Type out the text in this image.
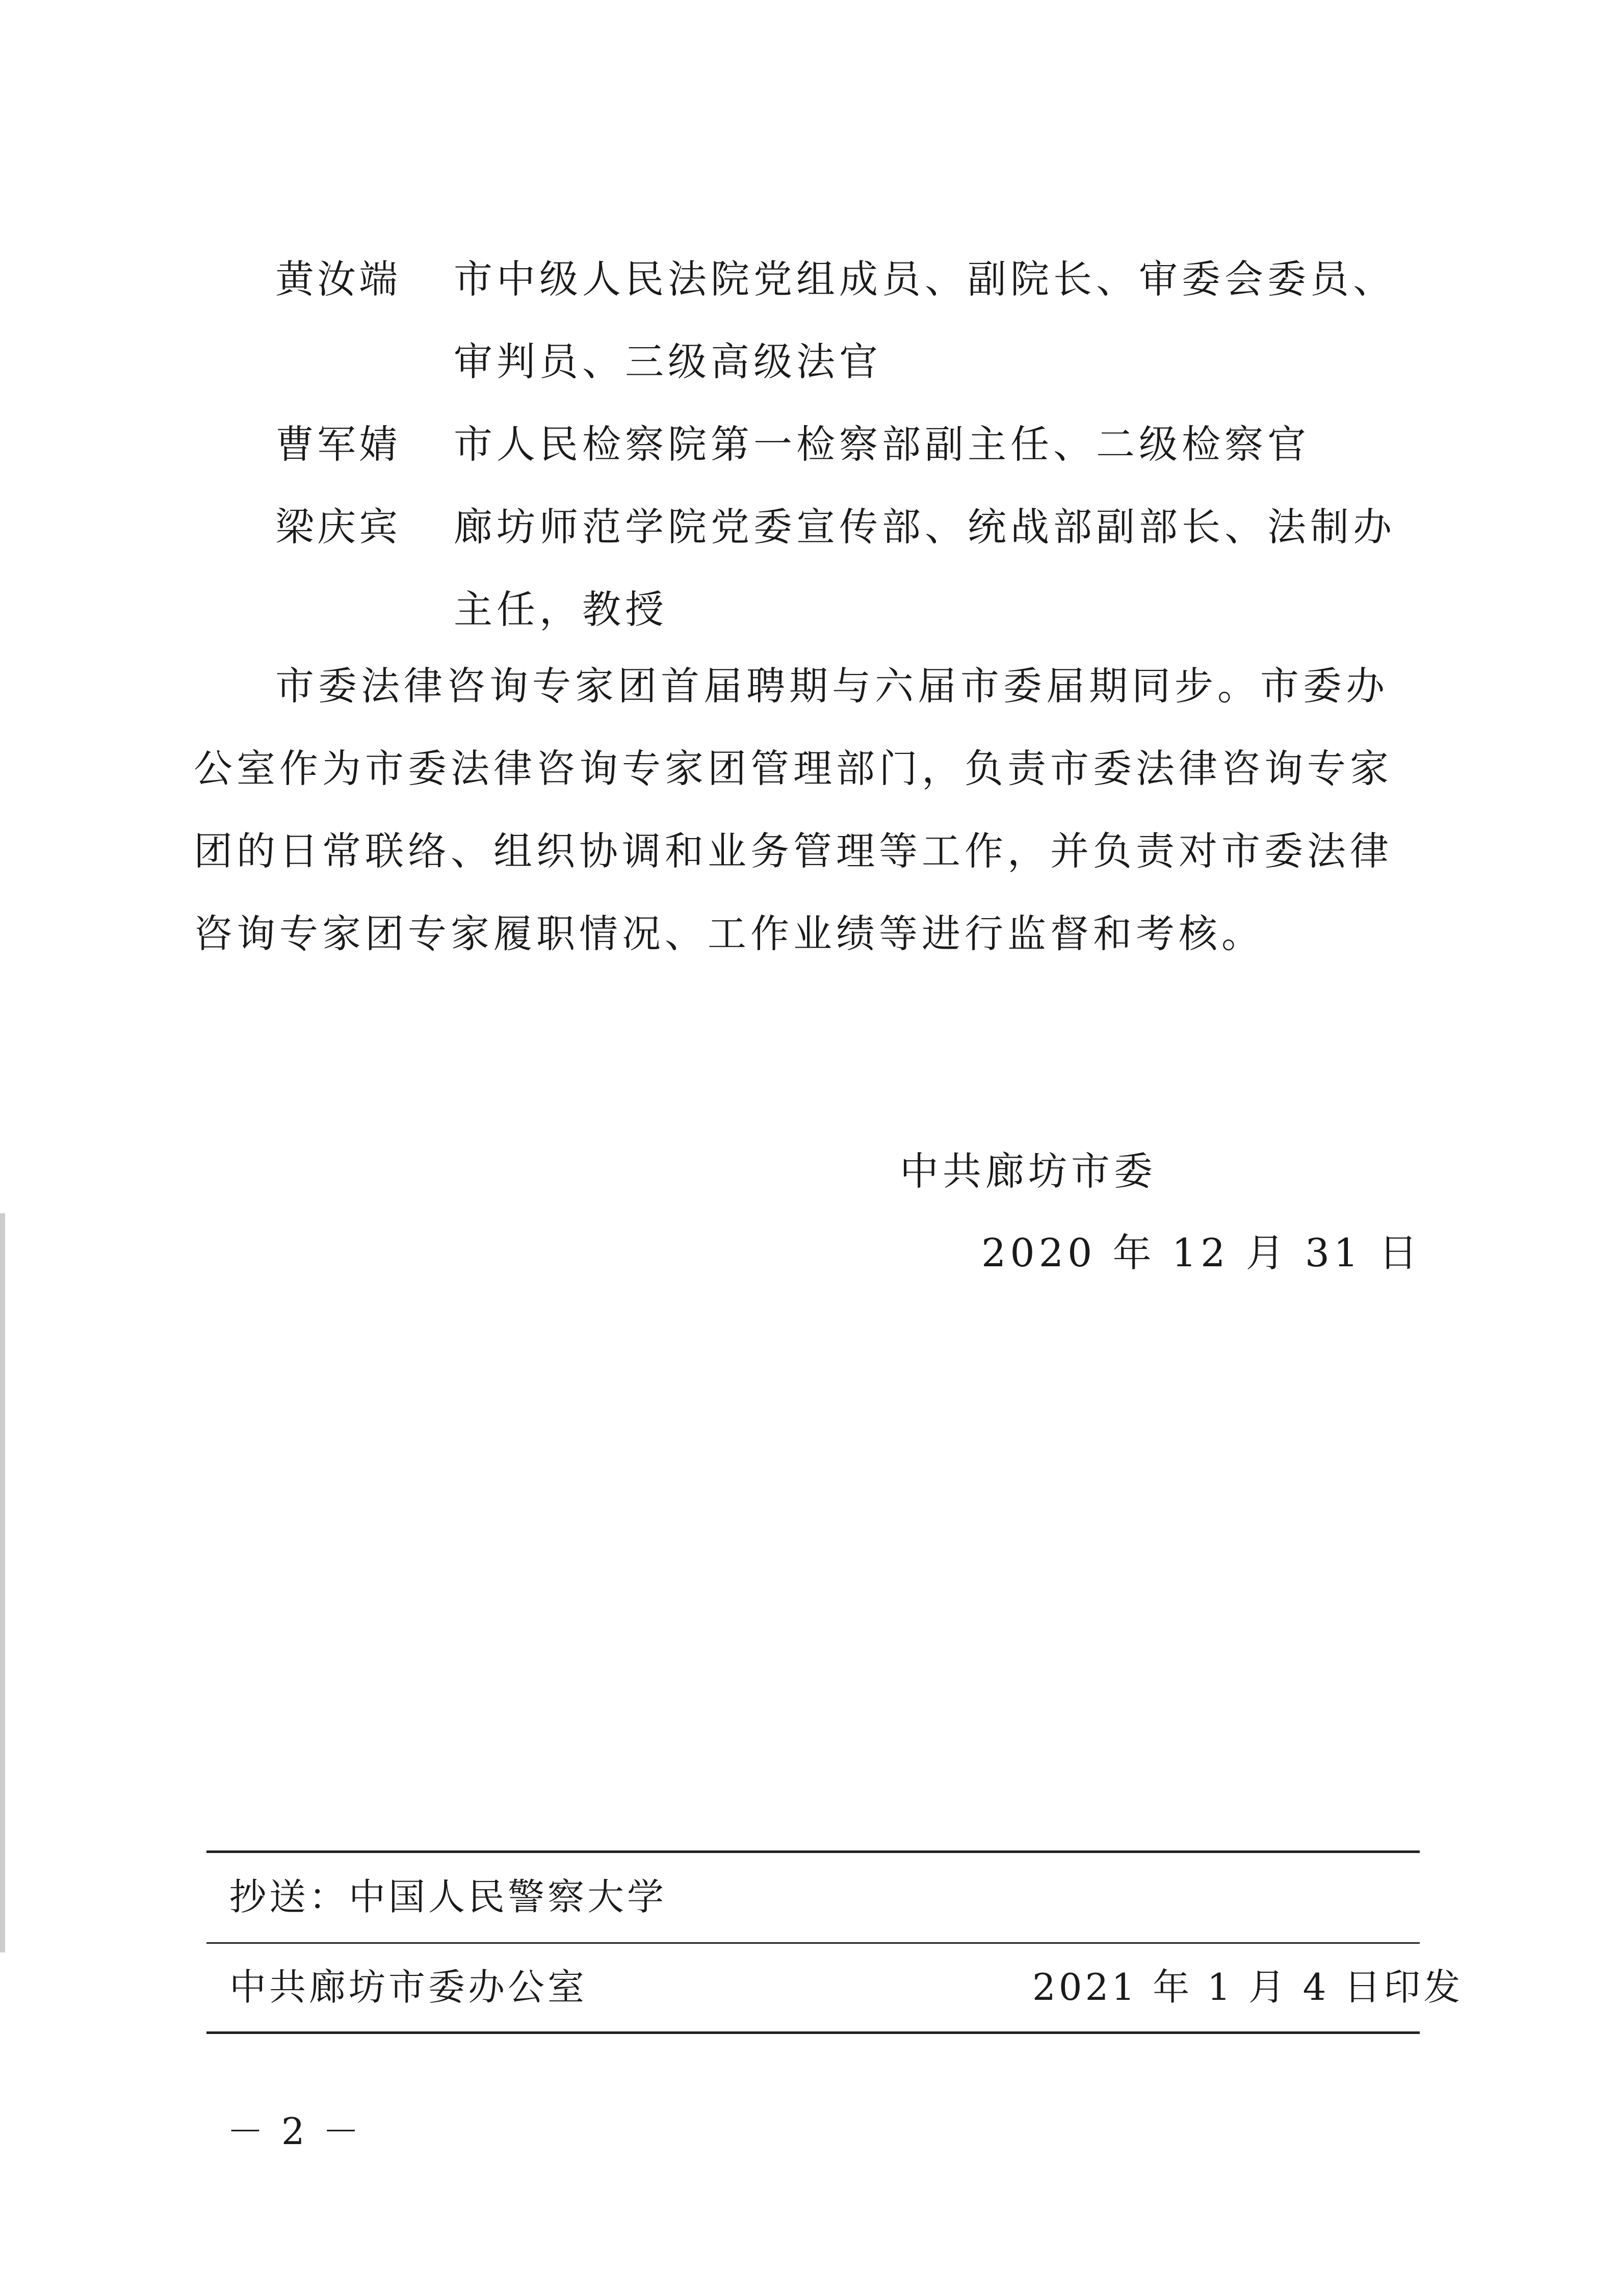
黄汝端 市中级人民法院党组成员、副院长、审委会委员、
审判员、三级高级法官
曹军婧 市人民检察院第一检察部副主任、二级检察官
梁庆宾 廊坊师范学院党委宣传部、统战部副部长、法制办
主任，教授
市委法律咨询专家团首届聘期与六届市委届期同步。市委办
公室作为市委法律咨询专家团管理部门，负责市委法律咨询专家
团的日常联络、组织协调和业务管理等工作，并负责对市委法律
咨询专家团专家履职情况、工作业绩等进行监督和考核。
中共廊坊市委
2020 年 12 月 31 日
抄送：中国人民警察大学
中共廊坊市委办公室	2021 年 1 月 4 日印发
－ 2 －
